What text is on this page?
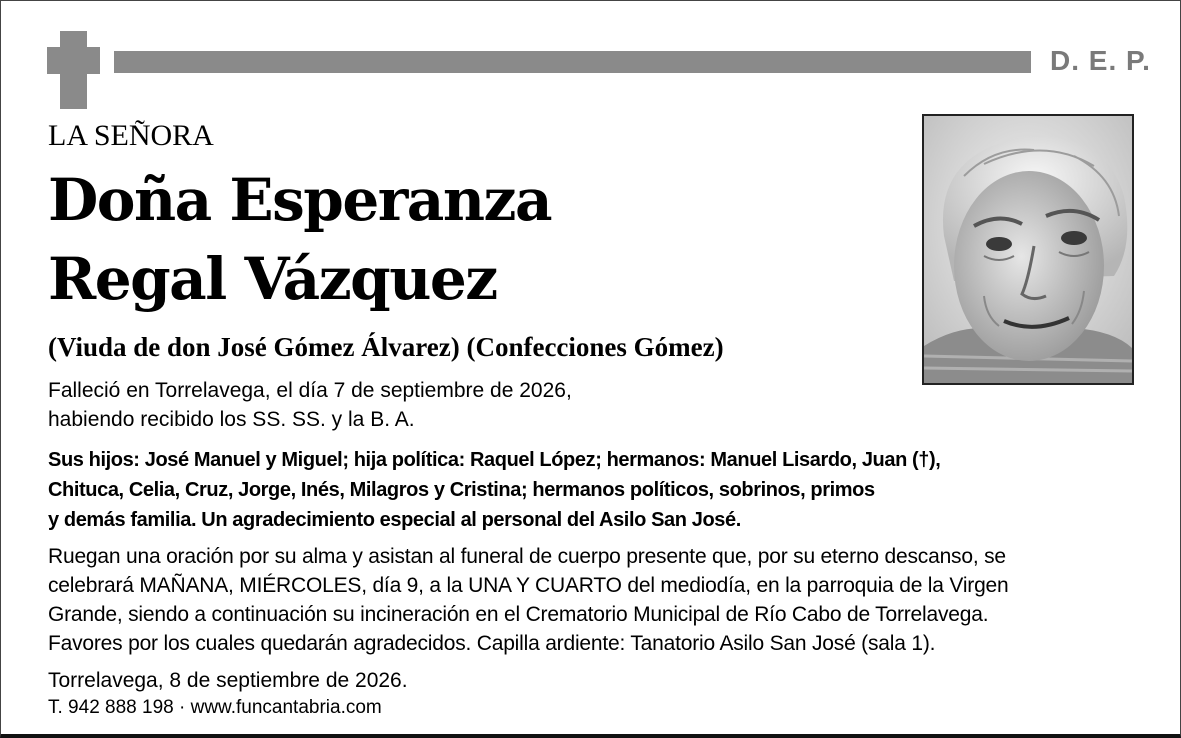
D. E. P.
LA SEÑORA
Doña Esperanza
Regal Vázquez
(Viuda de don José Gómez Álvarez) (Confecciones Gómez)
Falleció en Torrelavega, el día 7 de septiembre de 2026,
habiendo recibido los SS. SS. y la B. A.
Sus hijos: José Manuel y Miguel; hija política: Raquel López; hermanos: Manuel Lisardo, Juan (†),
Chituca, Celia, Cruz, Jorge, Inés, Milagros y Cristina; hermanos políticos, sobrinos, primos
y demás familia. Un agradecimiento especial al personal del Asilo San José.
Ruegan una oración por su alma y asistan al funeral de cuerpo presente que, por su eterno descanso, se
celebrará MAÑANA, MIÉRCOLES, día 9, a la UNA Y CUARTO del mediodía, en la parroquia de la Virgen
Grande, siendo a continuación su incineración en el Crematorio Municipal de Río Cabo de Torrelavega.
Favores por los cuales quedarán agradecidos. Capilla ardiente: Tanatorio Asilo San José (sala 1).
Torrelavega, 8 de septiembre de 2026.
T. 942 888 198 · www.funcantabria.com
